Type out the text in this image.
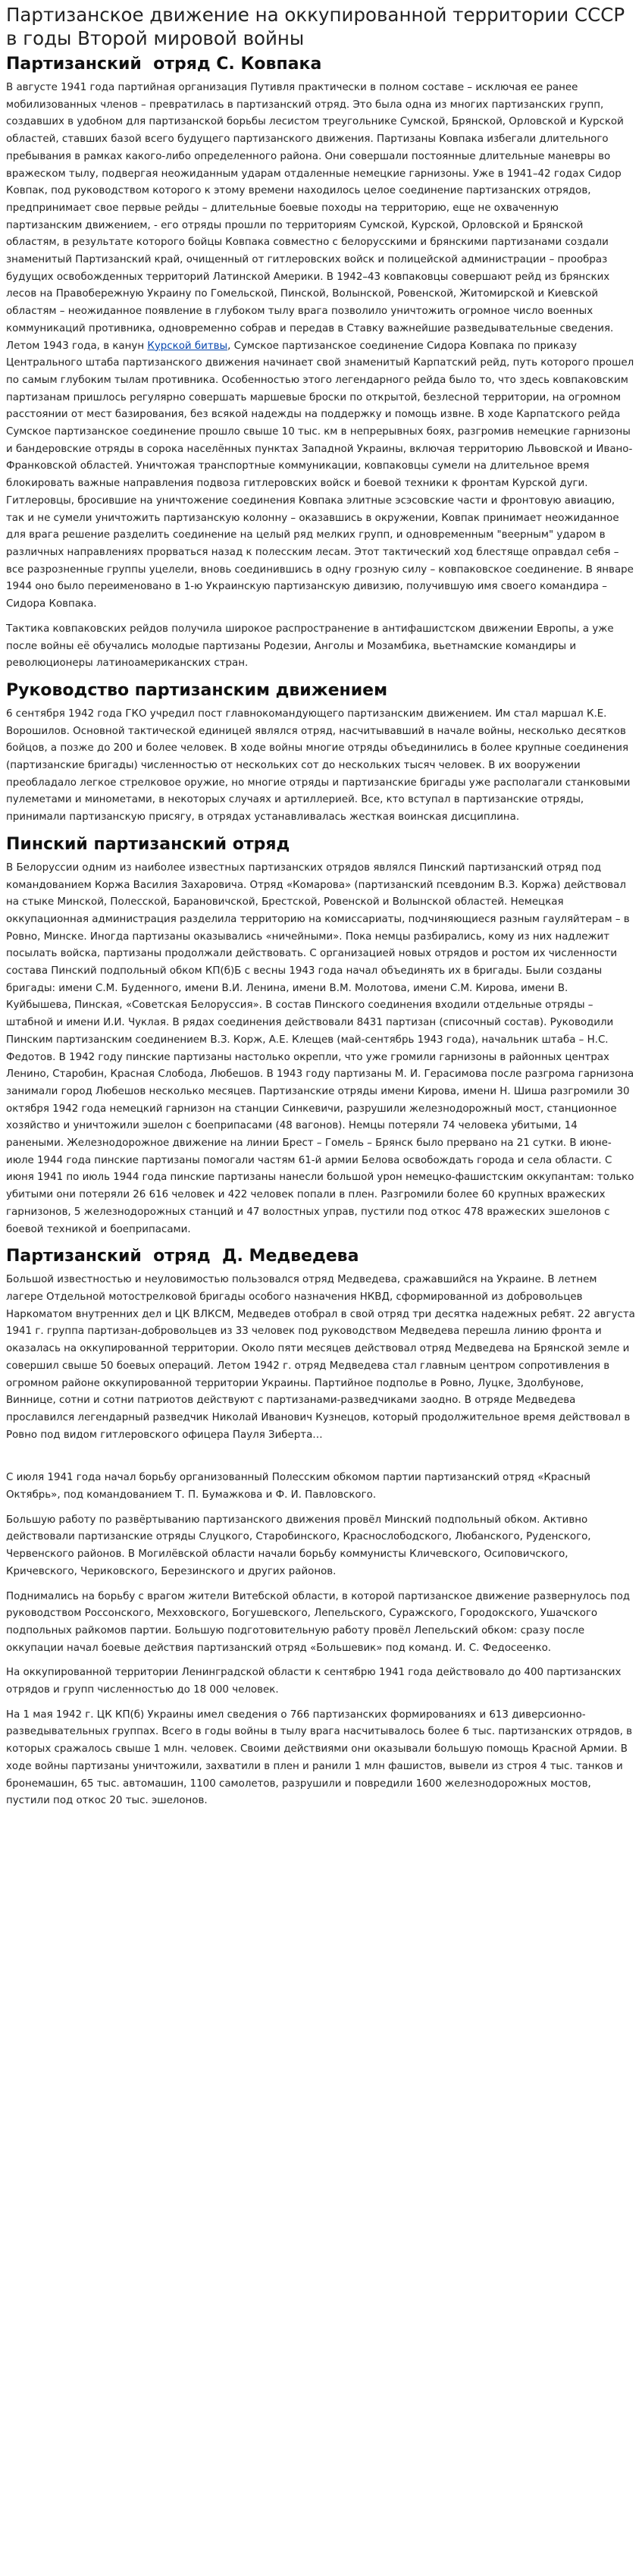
Партизанское движение на оккупированной территории СССР в годы Второй мировой войны
Партизанский  отряд С. Ковпака

В августе 1941 года партийная организация Путивля практически в полном составе – исключая ее ранее мобилизованных членов – превратилась в партизанский отряд. Это была одна из многих партизанских групп, создавших в удобном для партизанской борьбы лесистом треугольнике Сумской, Брянской, Орловской и Курской областей, ставших базой всего будущего партизанского движения. Партизаны Ковпака избегали длительного пребывания в рамках какого-либо определенного района. Они совершали постоянные длительные маневры во вражеском тылу, подвергая неожиданным ударам отдаленные немецкие гарнизоны. Уже в 1941–42 годах Сидор Ковпак, под руководством которого к этому времени находилось целое соединение партизанских отрядов, предпринимает свое первые рейды – длительные боевые походы на территорию, еще не охваченную партизанским движением, - его отряды прошли по территориям Сумской, Курской, Орловской и Брянской областям, в результате которого бойцы Ковпака совместно с белорусскими и брянскими партизанами создали знаменитый Партизанский край, очищенный от гитлеровских войск и полицейской администрации – прообраз будущих освобожденных территорий Латинской Америки. В 1942–43 ковпаковцы совершают рейд из брянских лесов на Правобережную Украину по Гомельской, Пинской, Волынской, Ровенской, Житомирской и Киевской областям – неожиданное появление в глубоком тылу врага позволило уничтожить огромное число военных коммуникаций противника, одновременно собрав и передав в Ставку важнейшие разведывательные сведения. Летом 1943 года, в канун Курской битвы, Сумское партизанское соединение Сидора Ковпака по приказу Центрального штаба партизанского движения начинает свой знаменитый Карпатский рейд, путь которого прошел по самым глубоким тылам противника. Особенностью этого легендарного рейда было то, что здесь ковпаковским партизанам пришлось регулярно совершать маршевые броски по открытой, безлесной территории, на огромном расстоянии от мест базирования, без всякой надежды на поддержку и помощь извне. В ходе Карпатского рейда Сумское партизанское соединение прошло свыше 10 тыс. км в непрерывных боях, разгромив немецкие гарнизоны и бандеровские отряды в сорока населённых пунктах Западной Украины, включая территорию Львовской и Ивано-Франковской областей. Уничтожая транспортные коммуникации, ковпаковцы сумели на длительное время блокировать важные направления подвоза гитлеровских войск и боевой техники к фронтам Курской дуги. Гитлеровцы, бросившие на уничтожение соединения Ковпака элитные эсэсовские части и фронтовую авиацию, так и не сумели уничтожить партизанскую колонну – оказавшись в окружении, Ковпак принимает неожиданное для врага решение разделить соединение на целый ряд мелких групп, и одновременным "веерным" ударом в различных направлениях прорваться назад к полесским лесам. Этот тактический ход блестяще оправдал себя – все разрозненные группы уцелели, вновь соединившись в одну грозную силу – ковпаковское соединение. В январе 1944 оно было переименовано в 1-ю Украинскую партизанскую дивизию, получившую имя своего командира – Сидора Ковпака.

Тактика ковпаковских рейдов получила широкое распространение в антифашистском движении Европы, а уже после войны её обучались молодые партизаны Родезии, Анголы и Мозамбика, вьетнамские командиры и революционеры латиноамериканских стран.

Руководство партизанским движением

6 сентября 1942 года ГКО учредил пост главнокомандующего партизанским движением. Им стал маршал К.Е. Ворошилов. Основной тактической единицей являлся отряд, насчитывавший в начале войны, несколько десятков бойцов, а позже до 200 и более человек. В ходе войны многие отряды объединились в более крупные соединения (партизанские бригады) численностью от нескольких сот до нескольких тысяч человек. В их вооружении преобладало легкое стрелковое оружие, но многие отряды и партизанские бригады уже располагали станковыми пулеметами и минометами, в некоторых случаях и артиллерией. Все, кто вступал в партизанские отряды, принимали партизанскую присягу, в отрядах устанавливалась жесткая воинская дисциплина.

Пинский партизанский отряд

В Белоруссии одним из наиболее известных партизанских отрядов являлся Пинский партизанский отряд под командованием Коржа Василия Захаровича. Отряд «Комарова» (партизанский псевдоним В.З. Коржа) действовал на стыке Минской, Полесской, Барановичской, Брестской, Ровенской и Волынской областей. Немецкая оккупационная администрация разделила территорию на комиссариаты, подчиняющиеся разным гауляйтерам – в Ровно, Минске. Иногда партизаны оказывались «ничейными». Пока немцы разбирались, кому из них надлежит посылать войска, партизаны продолжали действовать. С организацией новых отрядов и ростом их численности состава Пинский подпольный обком КП(б)Б с весны 1943 года начал объединять их в бригады. Были созданы бригады: имени С.М. Буденного, имени В.И. Ленина, имени В.М. Молотова, имени С.М. Кирова, имени В. Куйбышева, Пинская, «Советская Белоруссия». В состав Пинского соединения входили отдельные отряды – штабной и имени И.И. Чуклая. В рядах соединения действовали 8431 партизан (списочный состав). Руководили Пинским партизанским соединением В.З. Корж, А.Е. Клещев (май-сентябрь 1943 года), начальник штаба – Н.С. Федотов. В 1942 году пинские партизаны настолько окрепли, что уже громили гарнизоны в районных центрах Ленино, Старобин, Красная Слобода, Любешов. В 1943 году партизаны М. И. Герасимова после разгрома гарнизона занимали город Любешов несколько месяцев. Партизанские отряды имени Кирова, имени Н. Шиша разгромили 30 октября 1942 года немецкий гарнизон на станции Синкевичи, разрушили железнодорожный мост, станционное хозяйство и уничтожили эшелон с боеприпасами (48 вагонов). Немцы потеряли 74 человека убитыми, 14 ранеными. Железнодорожное движение на линии Брест – Гомель – Брянск было прервано на 21 сутки. В июне-июле 1944 года пинские партизаны помогали частям 61-й армии Белова освобождать города и села области. С июня 1941 по июль 1944 года пинские партизаны нанесли большой урон немецко-фашистским оккупантам: только убитыми они потеряли 26 616 человек и 422 человек попали в плен. Разгромили более 60 крупных вражеских гарнизонов, 5 железнодорожных станций и 47 волостных управ, пустили под откос 478 вражеских эшелонов с боевой техникой и боеприпасами.

Партизанский  отряд  Д. Медведева

Большой известностью и неуловимостью пользовался отряд Медведева, сражавшийся на Украине. В летнем лагере Отдельной мотострелковой бригады особого назначения НКВД, сформированной из добровольцев Наркоматом внутренних дел и ЦК ВЛКСМ, Медведев отобрал в свой отряд три десятка надежных ребят. 22 августа 1941 г. группа партизан-добровольцев из 33 человек под руководством Медведева перешла линию фронта и оказалась на оккупированной территории. Около пяти месяцев действовал отряд Медведева на Брянской земле и совершил свыше 50 боевых операций. Летом 1942 г. отряд Медведева стал главным центром сопротивления в огромном районе оккупированной территории Украины. Партийное подполье в Ровно, Луцке, Здолбунове, Виннице, сотни и сотни патриотов действуют с партизанами-разведчиками заодно. В отряде Медведева прославился легендарный разведчик Николай Иванович Кузнецов, который продолжительное время действовал в Ровно под видом гитлеровского офицера Пауля Зиберта…

С июля 1941 года начал борьбу организованный Полесским обкомом партии партизанский отряд «Красный Октябрь», под командованием Т. П. Бумажкова и Ф. И. Павловского.

Большую работу по развёртыванию партизанского движения провёл Минский подпольный обком. Активно действовали партизанские отряды Слуцкого, Старобинского, Краснослободского, Любанского, Руденского, Червенского районов. В Могилёвской области начали борьбу коммунисты Кличевского, Осиповичского, Кричевского, Чериковского, Березинского и других районов.

Поднимались на борьбу с врагом жители Витебской области, в которой партизанское движение развернулось под руководством Россонского, Мехховского, Богушевского, Лепельского, Суражского, Городокского, Ушачского подпольных райкомов партии. Большую подготовительную работу провёл Лепельский обком: сразу после оккупации начал боевые действия партизанский отряд «Большевик» под команд. И. С. Федосеенко.

На оккупированной территории Ленинградской области к сентябрю 1941 года действовало до 400 партизанских отрядов и групп численностью до 18 000 человек.

На 1 мая 1942 г. ЦК КП(б) Украины имел сведения о 766 партизанских формированиях и 613 диверсионно-разведывательных группах. Всего в годы войны в тылу врага насчитывалось более 6 тыс. партизанских отрядов, в которых сражалось свыше 1 млн. человек. Своими действиями они оказывали большую помощь Красной Армии. В ходе войны партизаны уничтожили, захватили в плен и ранили 1 млн фашистов, вывели из строя 4 тыс. танков и бронемашин, 65 тыс. автомашин, 1100 самолетов, разрушили и повредили 1600 железнодорожных мостов, пустили под откос 20 тыс. эшелонов.
